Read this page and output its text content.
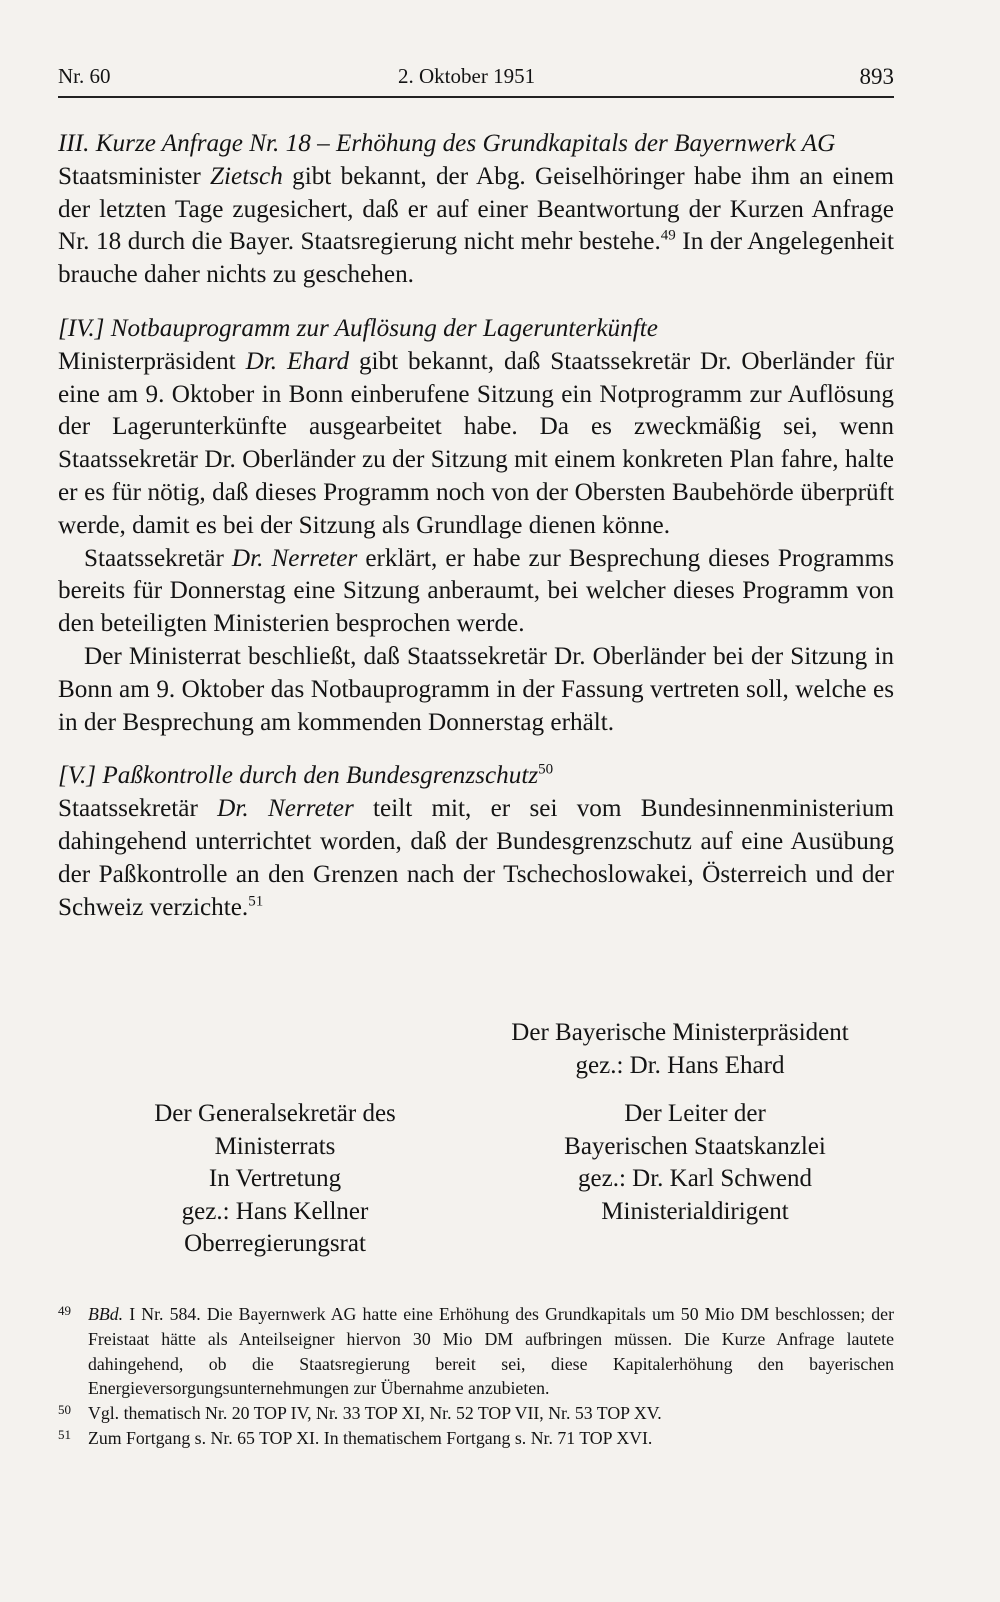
Nr. 60	2. Oktober 1951	893

III. Kurze Anfrage Nr. 18 – Erhöhung des Grundkapitals der Bayernwerk AG

Staatsminister Zietsch gibt bekannt, der Abg. Geiselhöringer habe ihm an einem der letzten Tage zugesichert, daß er auf einer Beantwortung der Kurzen Anfrage Nr. 18 durch die Bayer. Staatsregierung nicht mehr bestehe.$^{49}$ In der Angelegenheit brauche daher nichts zu geschehen.

[IV.] Notbauprogramm zur Auflösung der Lagerunterkünfte

Ministerpräsident Dr. Ehard gibt bekannt, daß Staatssekretär Dr. Oberländer für eine am 9. Oktober in Bonn einberufene Sitzung ein Notprogramm zur Auflösung der Lagerunterkünfte ausgearbeitet habe. Da es zweckmäßig sei, wenn Staatssekretär Dr. Oberländer zu der Sitzung mit einem konkreten Plan fahre, halte er es für nötig, daß dieses Programm noch von der Obersten Baubehörde überprüft werde, damit es bei der Sitzung als Grundlage dienen könne.

Staatssekretär Dr. Nerreter erklärt, er habe zur Besprechung dieses Programms bereits für Donnerstag eine Sitzung anberaumt, bei welcher dieses Programm von den beteiligten Ministerien besprochen werde.

Der Ministerrat beschließt, daß Staatssekretär Dr. Oberländer bei der Sitzung in Bonn am 9. Oktober das Notbauprogramm in der Fassung vertreten soll, welche es in der Besprechung am kommenden Donnerstag erhält.

[V.] Paßkontrolle durch den Bundesgrenzschutz$^{50}$

Staatssekretär Dr. Nerreter teilt mit, er sei vom Bundesinnenministerium dahingehend unterrichtet worden, daß der Bundesgrenzschutz auf eine Ausübung der Paßkontrolle an den Grenzen nach der Tschechoslowakei, Österreich und der Schweiz verzichte.$^{51}$

Der Bayerische Ministerpräsident
gez.: Dr. Hans Ehard
Der Generalsekretär des
Ministerrats
In Vertretung
gez.: Hans Kellner
Oberregierungsrat
Der Leiter der
Bayerischen Staatskanzlei
gez.: Dr. Karl Schwend
Ministerialdirigent

49 BBd. I Nr. 584. Die Bayernwerk AG hatte eine Erhöhung des Grundkapitals um 50 Mio DM beschlossen; der Freistaat hätte als Anteilseigner hiervon 30 Mio DM aufbringen müssen. Die Kurze Anfrage lautete dahingehend, ob die Staatsregierung bereit sei, diese Kapitalerhöhung den bayerischen Energieversorgungsunternehmungen zur Übernahme anzubieten.

50 Vgl. thematisch Nr. 20 TOP IV, Nr. 33 TOP XI, Nr. 52 TOP VII, Nr. 53 TOP XV.

51 Zum Fortgang s. Nr. 65 TOP XI. In thematischem Fortgang s. Nr. 71 TOP XVI.
